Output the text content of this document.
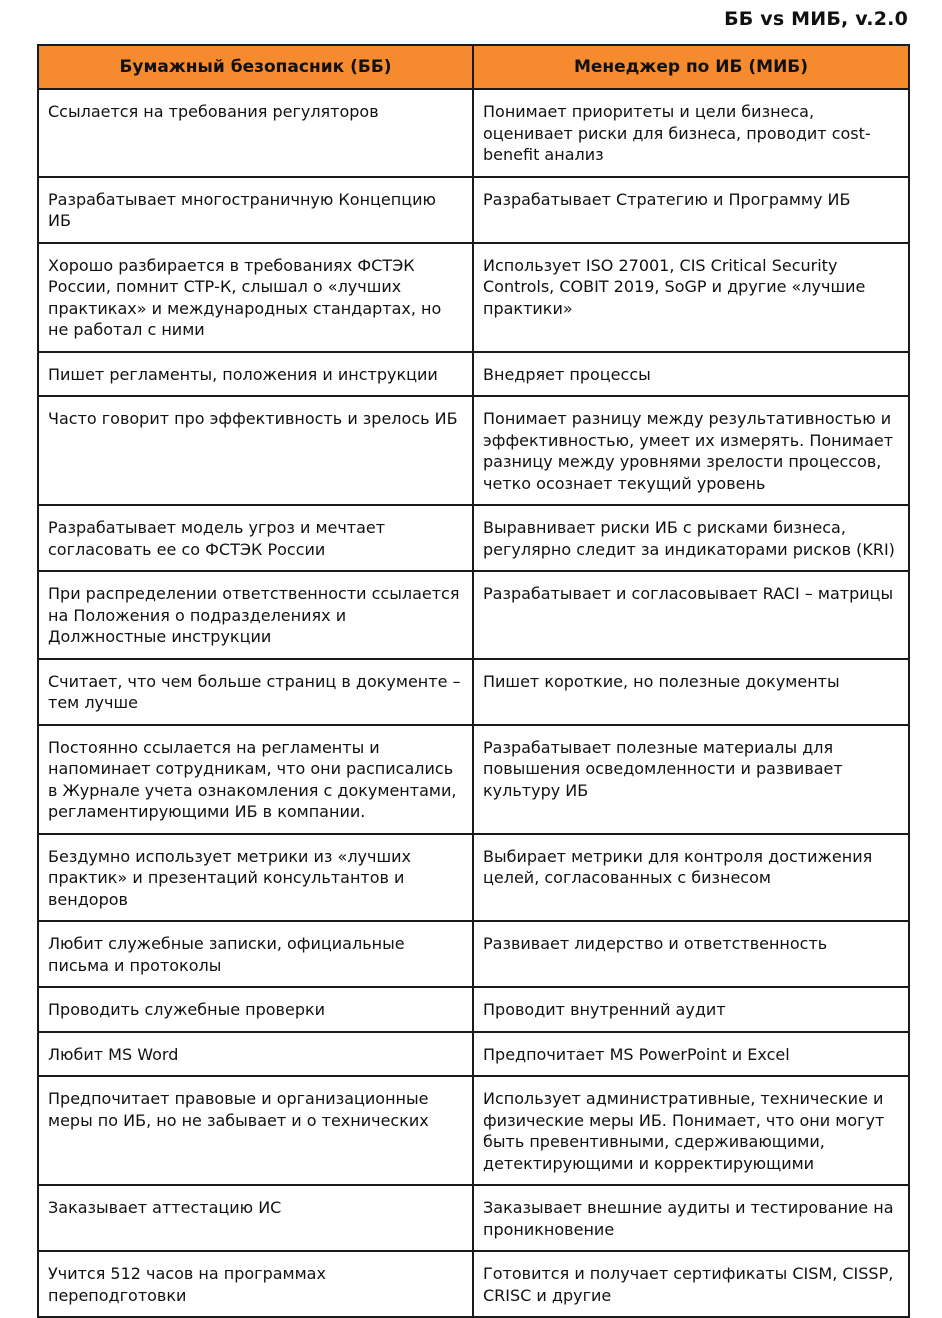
ББ vs МИБ, v.2.0
Бумажный безопасник (ББ)	Менеджер по ИБ (МИБ)
Ссылается на требования регуляторов	Понимает приоритеты и цели бизнеса, оценивает риски для бизнеса, проводит cost-benefit анализ
Разрабатывает многостраничную Концепцию ИБ	Разрабатывает Стратегию и Программу ИБ
Хорошо разбирается в требованиях ФСТЭК России, помнит СТР-К, слышал о «лучших практиках» и международных стандартах, но не работал с ними	Использует ISO 27001, CIS Critical Security Controls, COBIT 2019, SoGP и другие «лучшие практики»
Пишет регламенты, положения и инструкции	Внедряет процессы
Часто говорит про эффективность и зрелось ИБ	Понимает разницу между результативностью и эффективностью, умеет их измерять. Понимает разницу между уровнями зрелости процессов, четко осознает текущий уровень
Разрабатывает модель угроз и мечтает согласовать ее со ФСТЭК России	Выравнивает риски ИБ с рисками бизнеса, регулярно следит за индикаторами рисков (KRI)
При распределении ответственности ссылается на Положения о подразделениях и Должностные инструкции	Разрабатывает и согласовывает RACI – матрицы
Считает, что чем больше страниц в документе – тем лучше	Пишет короткие, но полезные документы
Постоянно ссылается на регламенты и напоминает сотрудникам, что они расписались в Журнале учета ознакомления с документами, регламентирующими ИБ в компании.	Разрабатывает полезные материалы для повышения осведомленности и развивает культуру ИБ
Бездумно использует метрики из «лучших практик» и презентаций консультантов и вендоров	Выбирает метрики для контроля достижения целей, согласованных с бизнесом
Любит служебные записки, официальные письма и протоколы	Развивает лидерство и ответственность
Проводить служебные проверки	Проводит внутренний аудит
Любит MS Word	Предпочитает MS PowerPoint и Excel
Предпочитает правовые и организационные меры по ИБ, но не забывает и о технических	Использует административные, технические и физические меры ИБ. Понимает, что они могут быть превентивными, сдерживающими, детектирующими и корректирующими
Заказывает аттестацию ИС	Заказывает внешние аудиты и тестирование на проникновение
Учится 512 часов на программах переподготовки	Готовится и получает сертификаты CISM, CISSP, CRISC и другие
